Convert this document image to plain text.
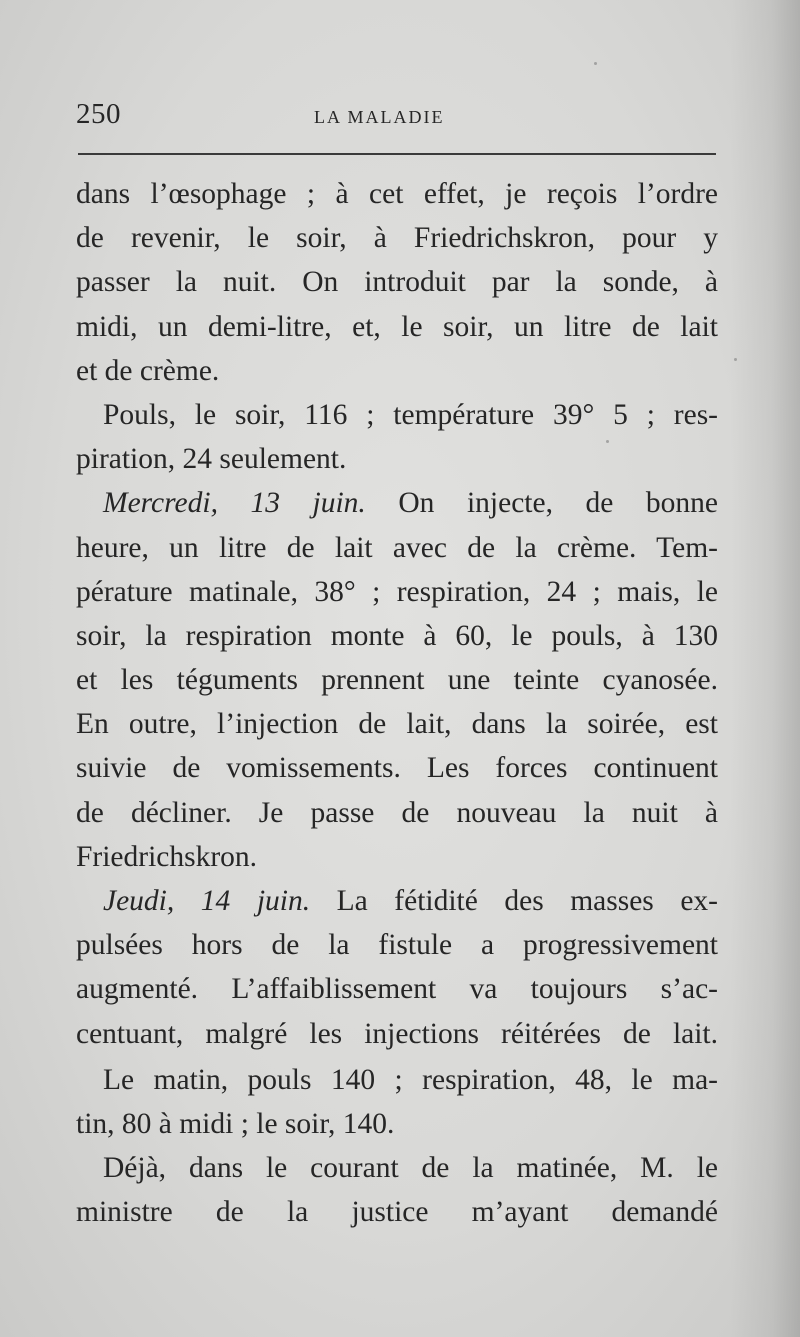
250	LA MALADIE
dans l’œsophage ; à cet effet, je reçois l’ordre
de revenir, le soir, à Friedrichskron, pour y
passer la nuit. On introduit par la sonde, à
midi, un demi-litre, et, le soir, un litre de lait
et de crème.
Pouls, le soir, 116 ; température 39° 5 ; res-
piration, 24 seulement.
Mercredi, 13 juin. On injecte, de bonne
heure, un litre de lait avec de la crème. Tem-
pérature matinale, 38° ; respiration, 24 ; mais, le
soir, la respiration monte à 60, le pouls, à 130
et les téguments prennent une teinte cyanosée.
En outre, l’injection de lait, dans la soirée, est
suivie de vomissements. Les forces continuent
de décliner. Je passe de nouveau la nuit à
Friedrichskron.
Jeudi, 14 juin. La fétidité des masses ex-
pulsées hors de la fistule a progressivement
augmenté. L’affaiblissement va toujours s’ac-
centuant, malgré les injections réitérées de lait.
Le matin, pouls 140 ; respiration, 48, le ma-
tin, 80 à midi ; le soir, 140.
Déjà, dans le courant de la matinée, M. le
ministre de la justice m’ayant demandé
